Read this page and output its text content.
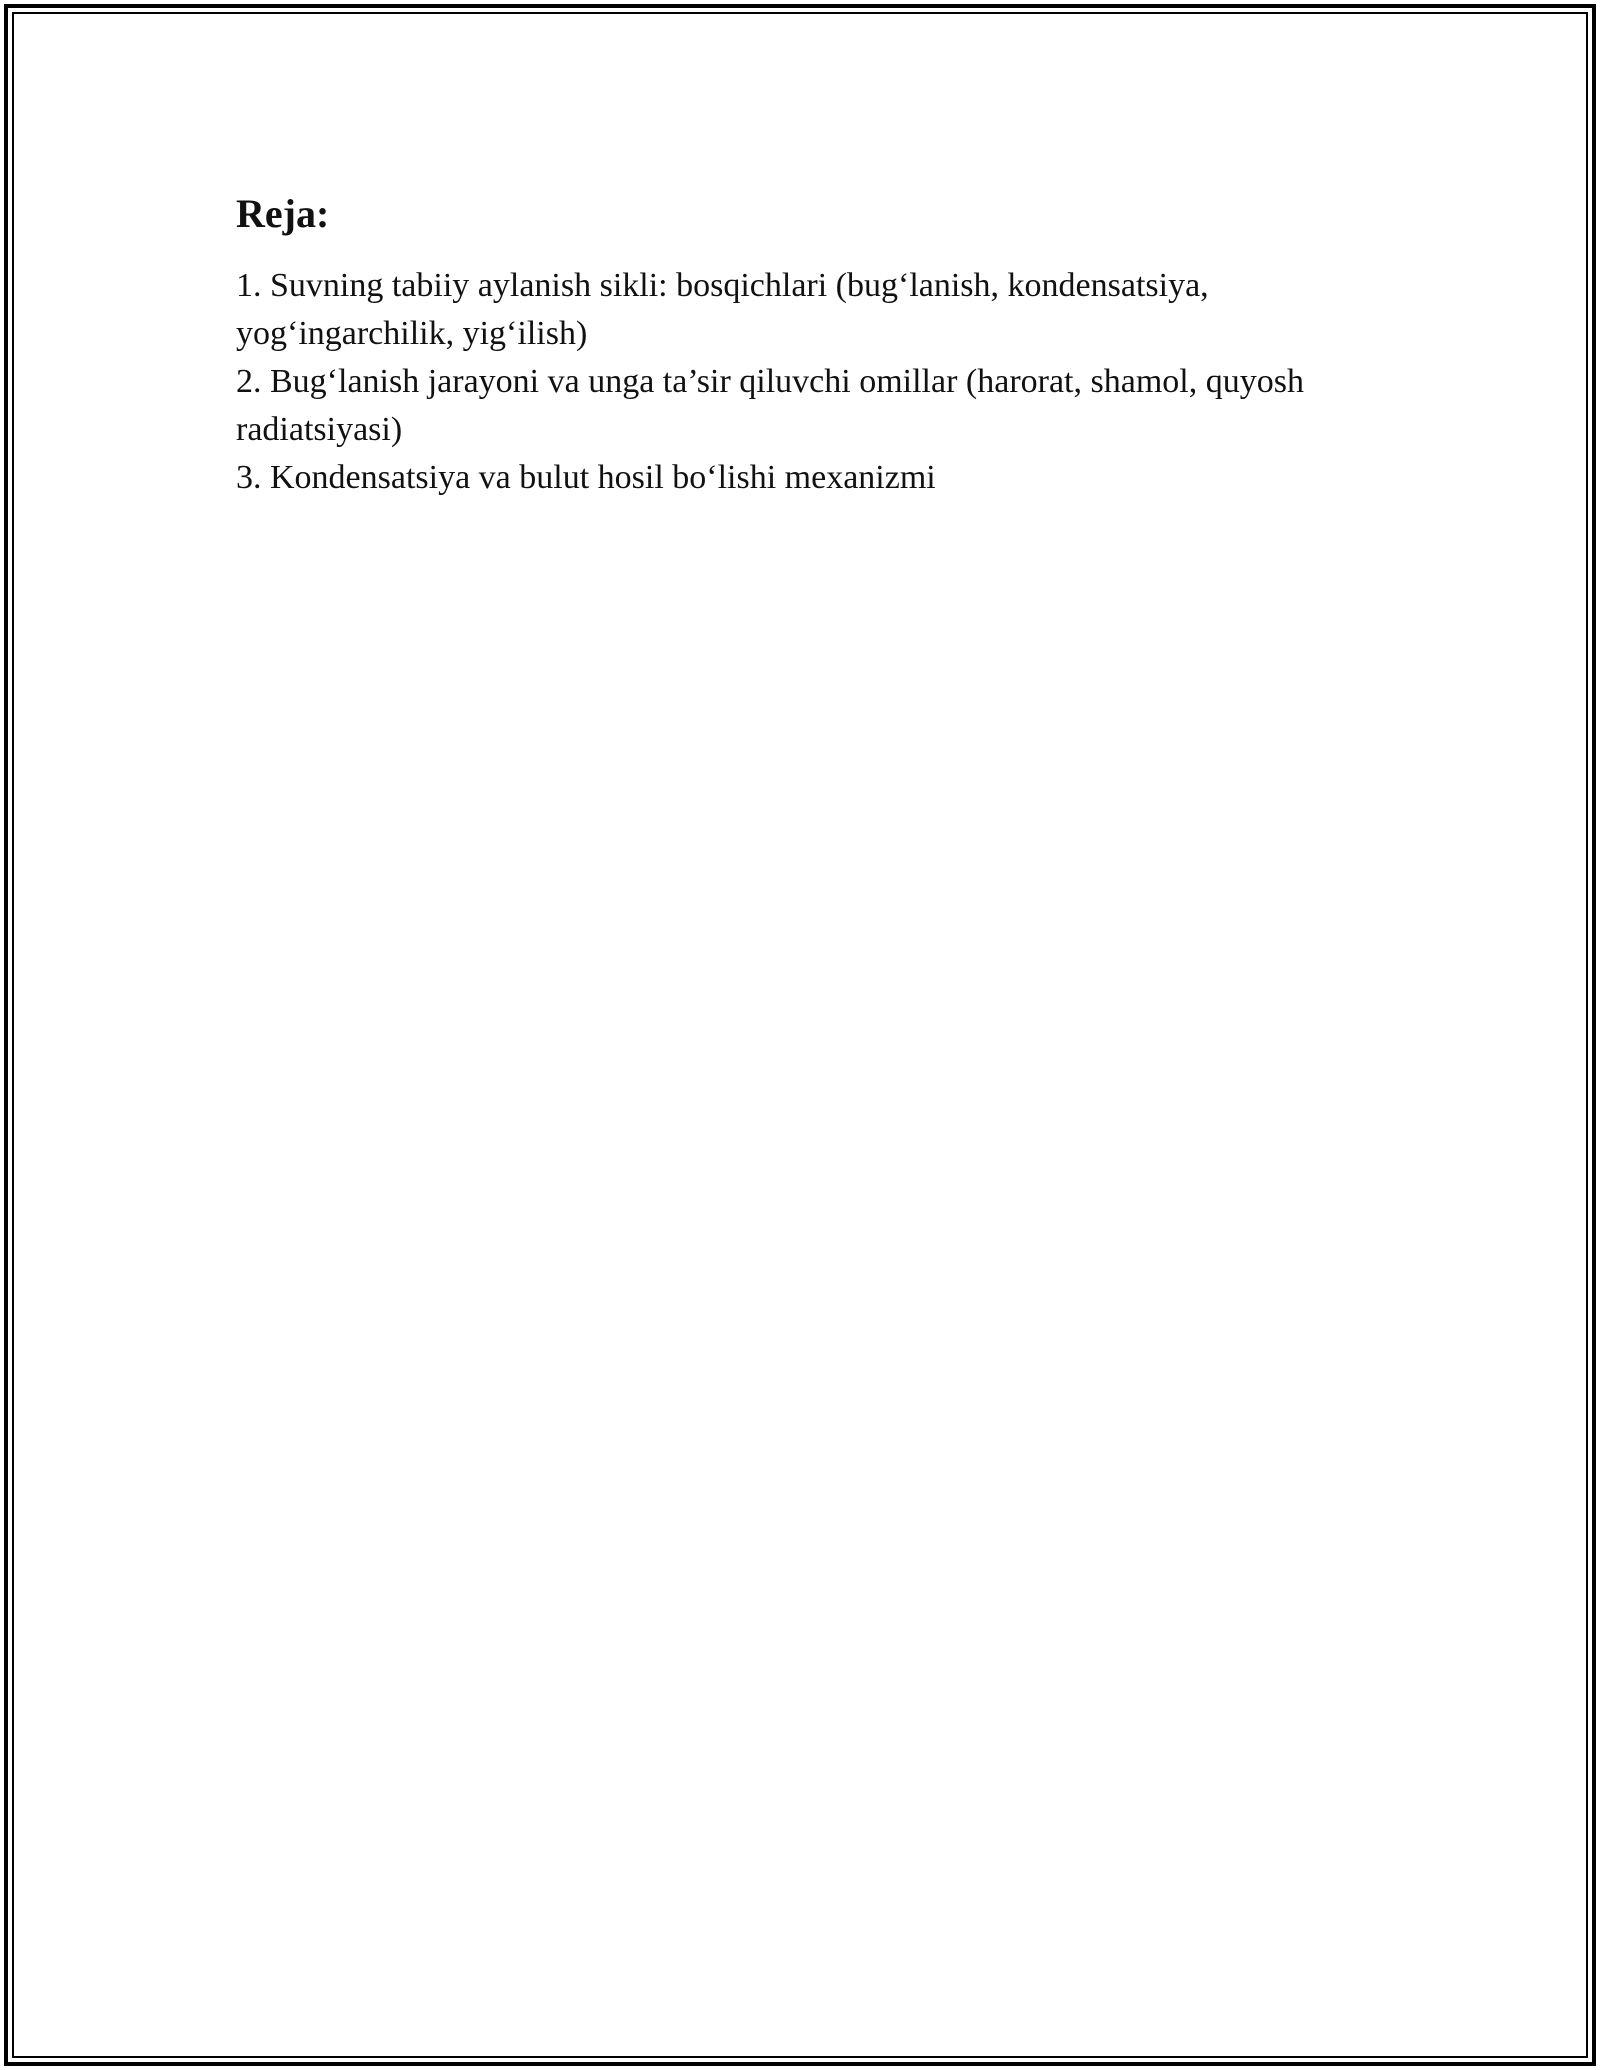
Reja:
1. Suvning tabiiy aylanish sikli: bosqichlari (bug‘lanish, kondensatsiya, yog‘ingarchilik, yig‘ilish)
2. Bug‘lanish jarayoni va unga ta’sir qiluvchi omillar (harorat, shamol, quyosh radiatsiyasi)
3. Kondensatsiya va bulut hosil bo‘lishi mexanizmi
